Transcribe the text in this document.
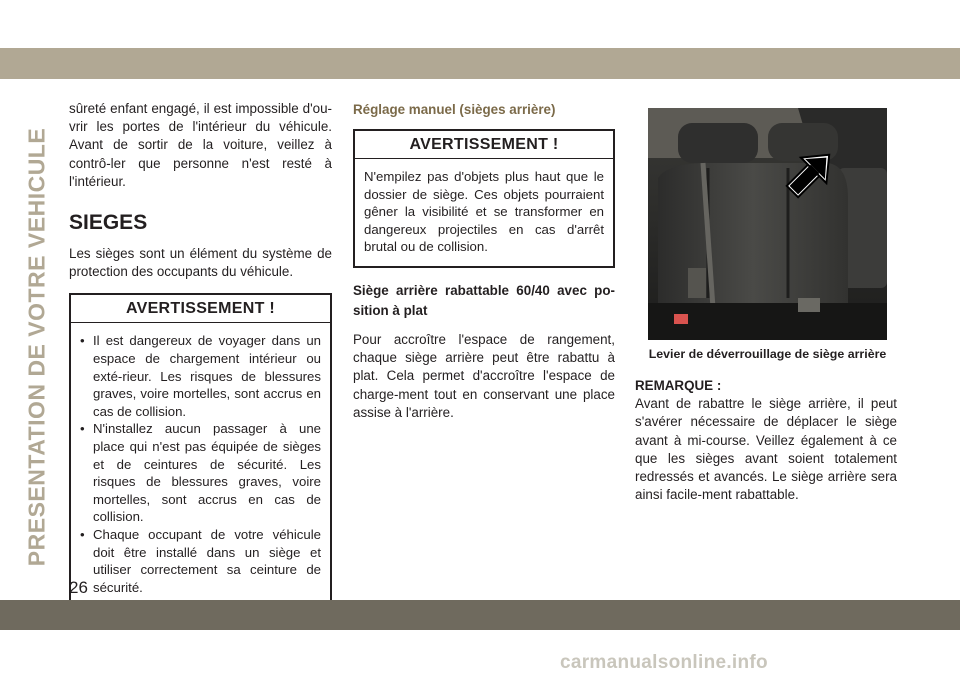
PRESENTATION DE VOTRE VEHICULE

sûreté enfant engagé, il est impossible d'ou-vrir les portes de l'intérieur du véhicule. Avant de sortir de la voiture, veillez à contrô-ler que personne n'est resté à l'intérieur.

SIEGES

Les sièges sont un élément du système de protection des occupants du véhicule.

AVERTISSEMENT !
• Il est dangereux de voyager dans un espace de chargement intérieur ou exté-rieur. Les risques de blessures graves, voire mortelles, sont accrus en cas de collision.
• N'installez aucun passager à une place qui n'est pas équipée de sièges et de ceintures de sécurité. Les risques de blessures graves, voire mortelles, sont accrus en cas de collision.
• Chaque occupant de votre véhicule doit être installé dans un siège et utiliser correctement sa ceinture de sécurité.
Réglage manuel (sièges arrière)
AVERTISSEMENT !

N'empilez pas d'objets plus haut que le dossier de siège. Ces objets pourraient gêner la visibilité et se transformer en dangereux projectiles en cas d'arrêt brutal ou de collision.

Siège arrière rabattable 60/40 avec po-sition à plat

Pour accroître l'espace de rangement, chaque siège arrière peut être rabattu à plat. Cela permet d'accroître l'espace de charge-ment tout en conservant une place assise à l'arrière.

Levier de déverrouillage de siège arrière

REMARQUE :

Avant de rabattre le siège arrière, il peut s'avérer nécessaire de déplacer le siège avant à mi-course. Veillez également à ce que les sièges avant soient totalement redressés et avancés. Le siège arrière sera ainsi facile-ment rabattable.

26
carmanualsonline.info
